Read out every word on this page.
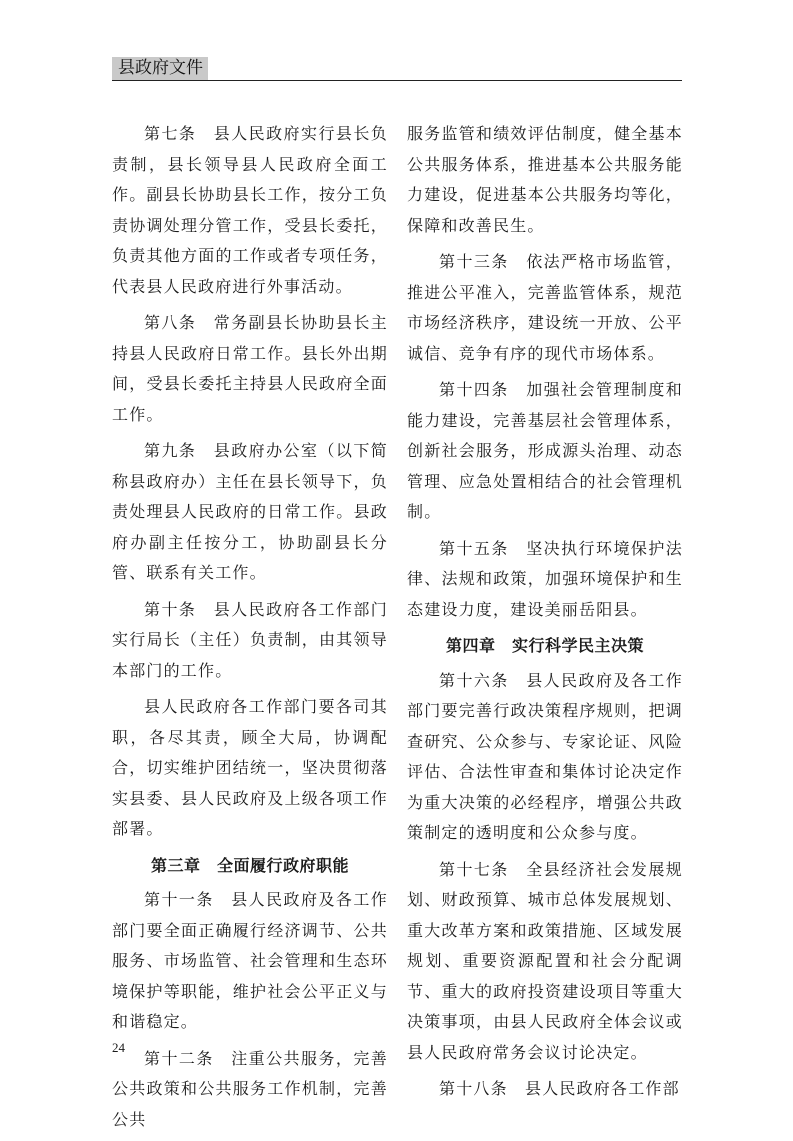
县政府文件

第七条　县人民政府实行县长负责制，县长领导县人民政府全面工作。副县长协助县长工作，按分工负责协调处理分管工作，受县长委托，负责其他方面的工作或者专项任务，代表县人民政府进行外事活动。

第八条　常务副县长协助县长主持县人民政府日常工作。县长外出期间，受县长委托主持县人民政府全面工作。

第九条　县政府办公室（以下简称县政府办）主任在县长领导下，负责处理县人民政府的日常工作。县政府办副主任按分工，协助副县长分管、联系有关工作。

第十条　县人民政府各工作部门实行局长（主任）负责制，由其领导本部门的工作。

县人民政府各工作部门要各司其职，各尽其责，顾全大局，协调配合，切实维护团结统一，坚决贯彻落实县委、县人民政府及上级各项工作部署。

第三章　全面履行政府职能

第十一条　县人民政府及各工作部门要全面正确履行经济调节、公共服务、市场监管、社会管理和生态环境保护等职能，维护社会公平正义与和谐稳定。

第十二条　注重公共服务，完善公共政策和公共服务工作机制，完善公共

服务监管和绩效评估制度，健全基本公共服务体系，推进基本公共服务能力建设，促进基本公共服务均等化，保障和改善民生。

第十三条　依法严格市场监管，推进公平准入，完善监管体系，规范市场经济秩序，建设统一开放、公平诚信、竞争有序的现代市场体系。

第十四条　加强社会管理制度和能力建设，完善基层社会管理体系，创新社会服务，形成源头治理、动态管理、应急处置相结合的社会管理机制。

第十五条　坚决执行环境保护法律、法规和政策，加强环境保护和生态建设力度，建设美丽岳阳县。

第四章　实行科学民主决策

第十六条　县人民政府及各工作部门要完善行政决策程序规则，把调查研究、公众参与、专家论证、风险评估、合法性审查和集体讨论决定作为重大决策的必经程序，增强公共政策制定的透明度和公众参与度。

第十七条　全县经济社会发展规划、财政预算、城市总体发展规划、重大改革方案和政策措施、区域发展规划、重要资源配置和社会分配调节、重大的政府投资建设项目等重大决策事项，由县人民政府全体会议或县人民政府常务会议讨论决定。

第十八条　县人民政府各工作部

24
